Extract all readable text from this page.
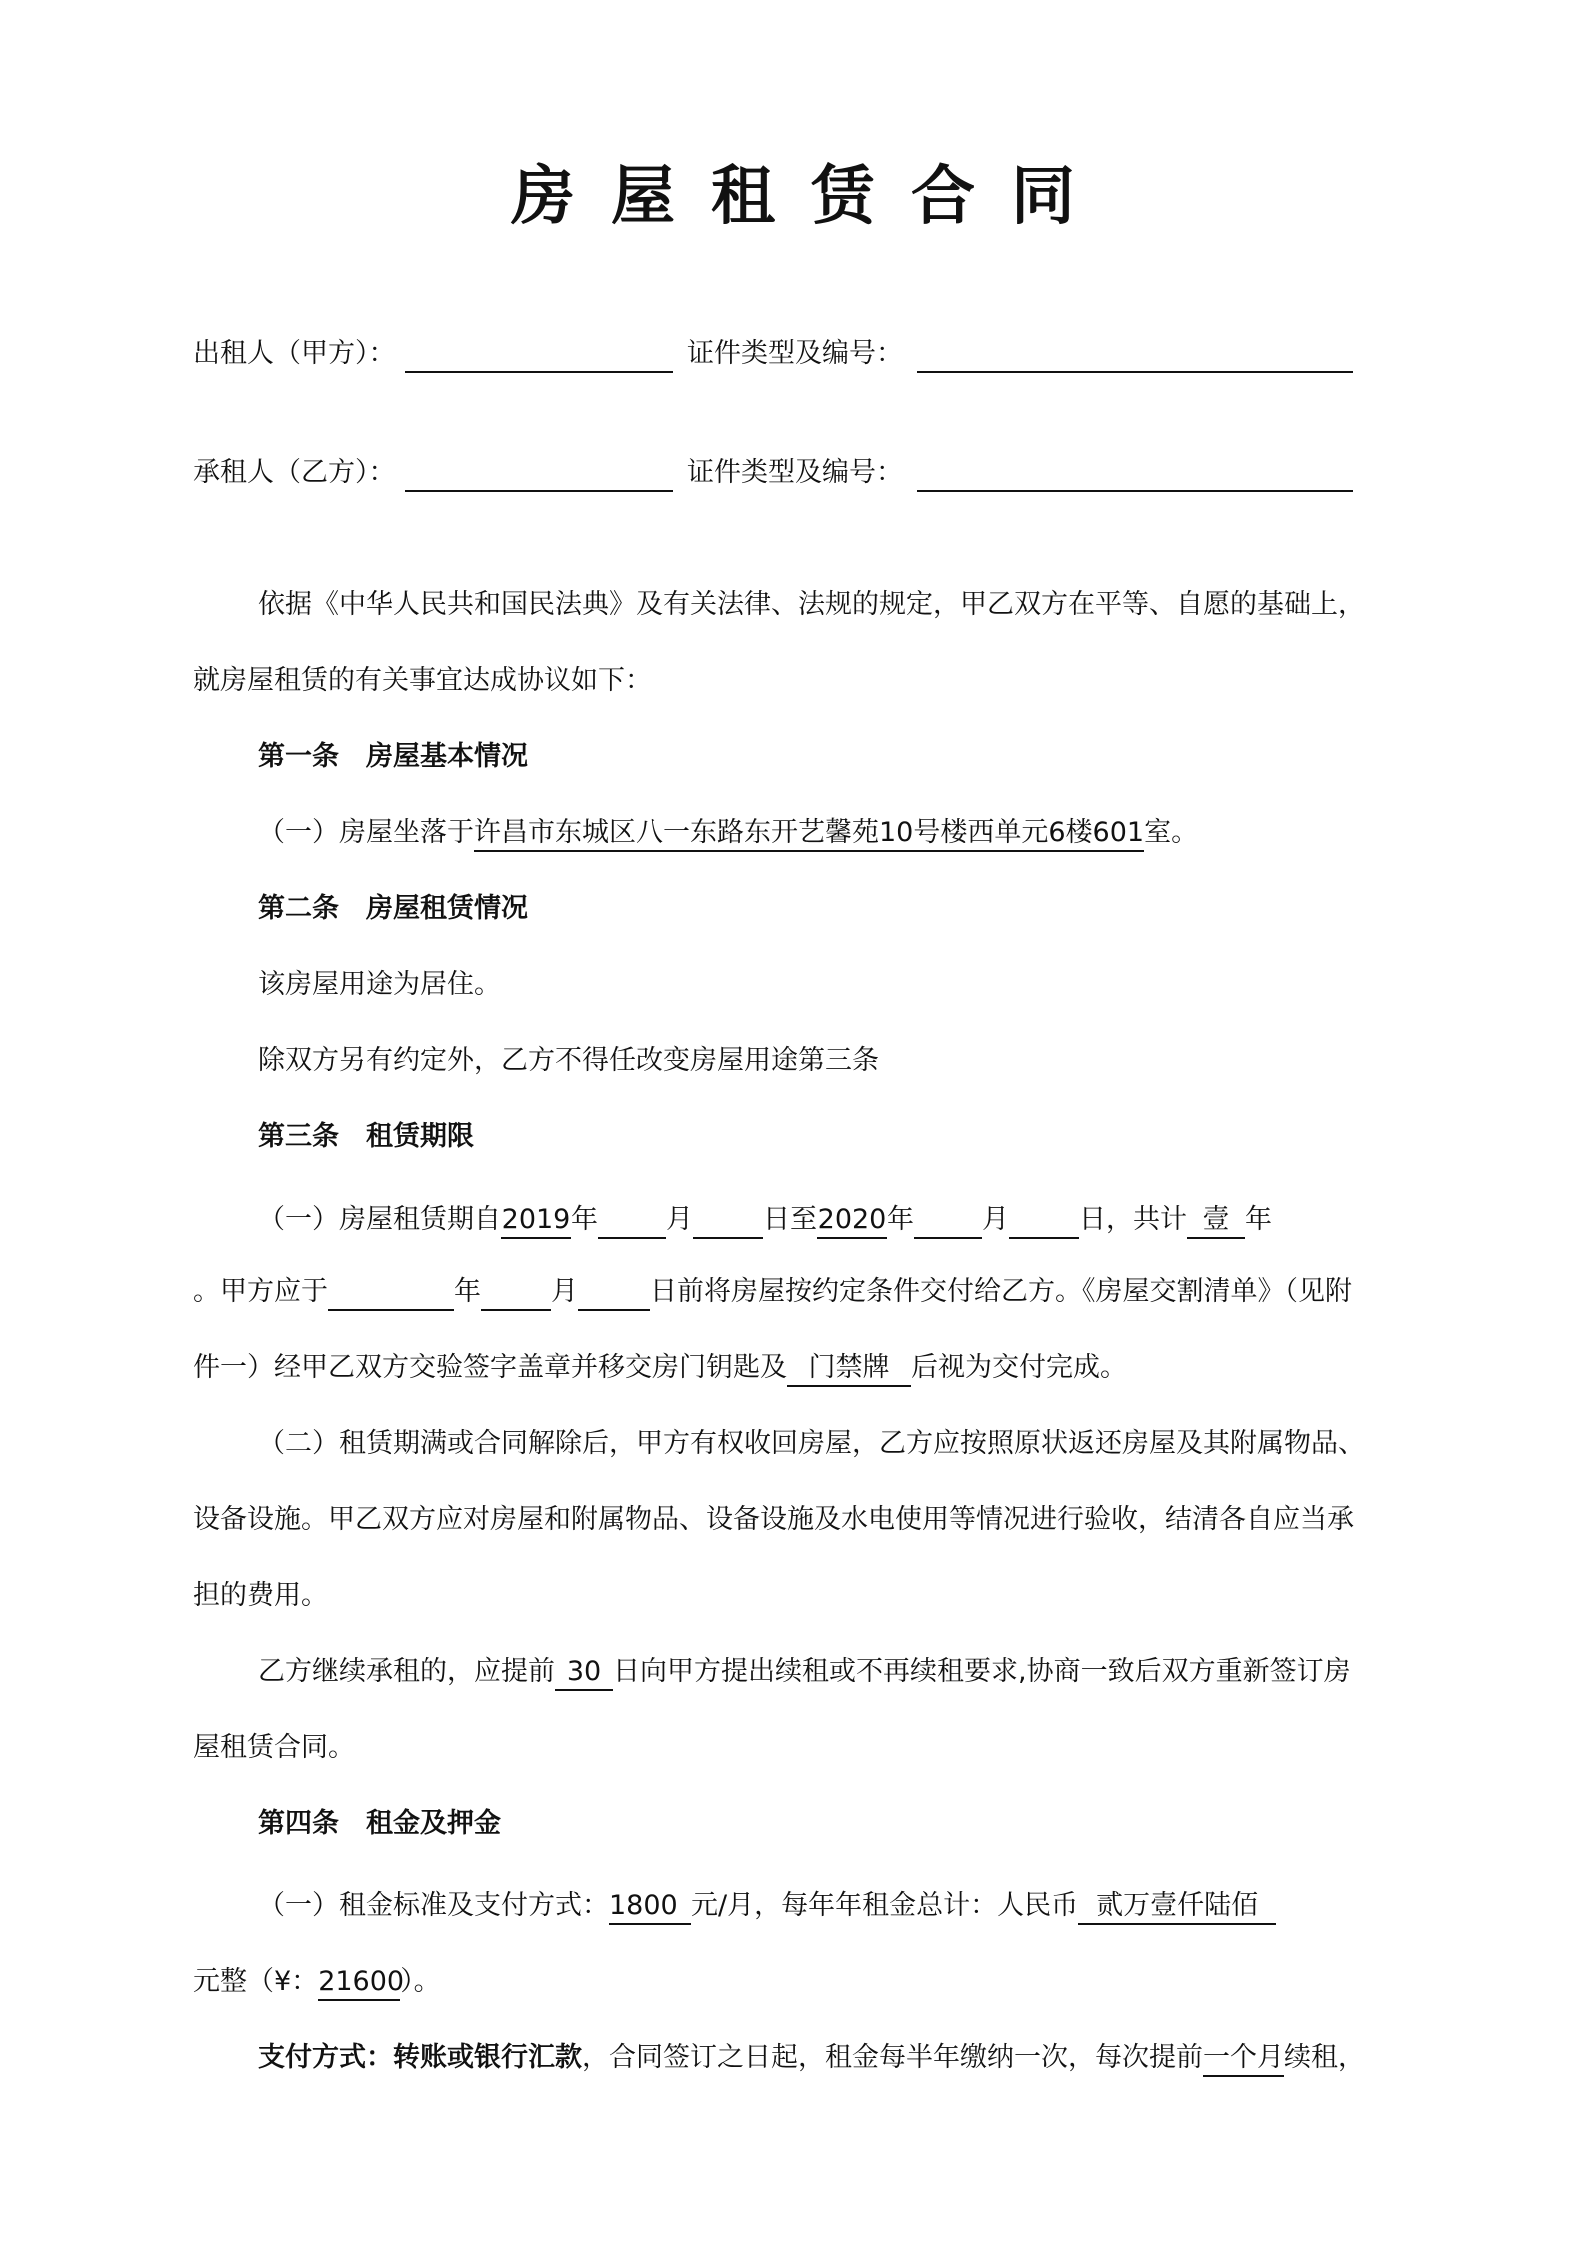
房屋租赁合同
出租人（甲方）：	证件类型及编号：
承租人（乙方）：	证件类型及编号：
依据《中华人民共和国民法典》及有关法律、法规的规定，甲乙双方在平等、自愿的基础上，
就房屋租赁的有关事宜达成协议如下：
第一条　房屋基本情况
（一）房屋坐落于许昌市东城区八一东路东开艺馨苑10号楼西单元6楼601室。
第二条　房屋租赁情况
该房屋用途为居住。
除双方另有约定外，乙方不得任改变房屋用途第三条
第三条　租赁期限
（一）房屋租赁期自2019年	月	日至2020年	月	日，共计 壹 年
。甲方应于	年	月	日前将房屋按约定条件交付给乙方。《房屋交割清单》（见附
件一）经甲乙双方交验签字盖章并移交房门钥匙及 门禁牌 后视为交付完成。
（二）租赁期满或合同解除后，甲方有权收回房屋，乙方应按照原状返还房屋及其附属物品、
设备设施。甲乙双方应对房屋和附属物品、设备设施及水电使用等情况进行验收，结清各自应当承
担的费用。
乙方继续承租的，应提前 30 日向甲方提出续租或不再续租要求,协商一致后双方重新签订房
屋租赁合同。
第四条　租金及押金
（一）租金标准及支付方式：1800 元/月，每年年租金总计：人民币 贰万壹仟陆佰
元整（¥：21600）。
支付方式：转账或银行汇款，合同签订之日起，租金每半年缴纳一次，每次提前一个月续租，
